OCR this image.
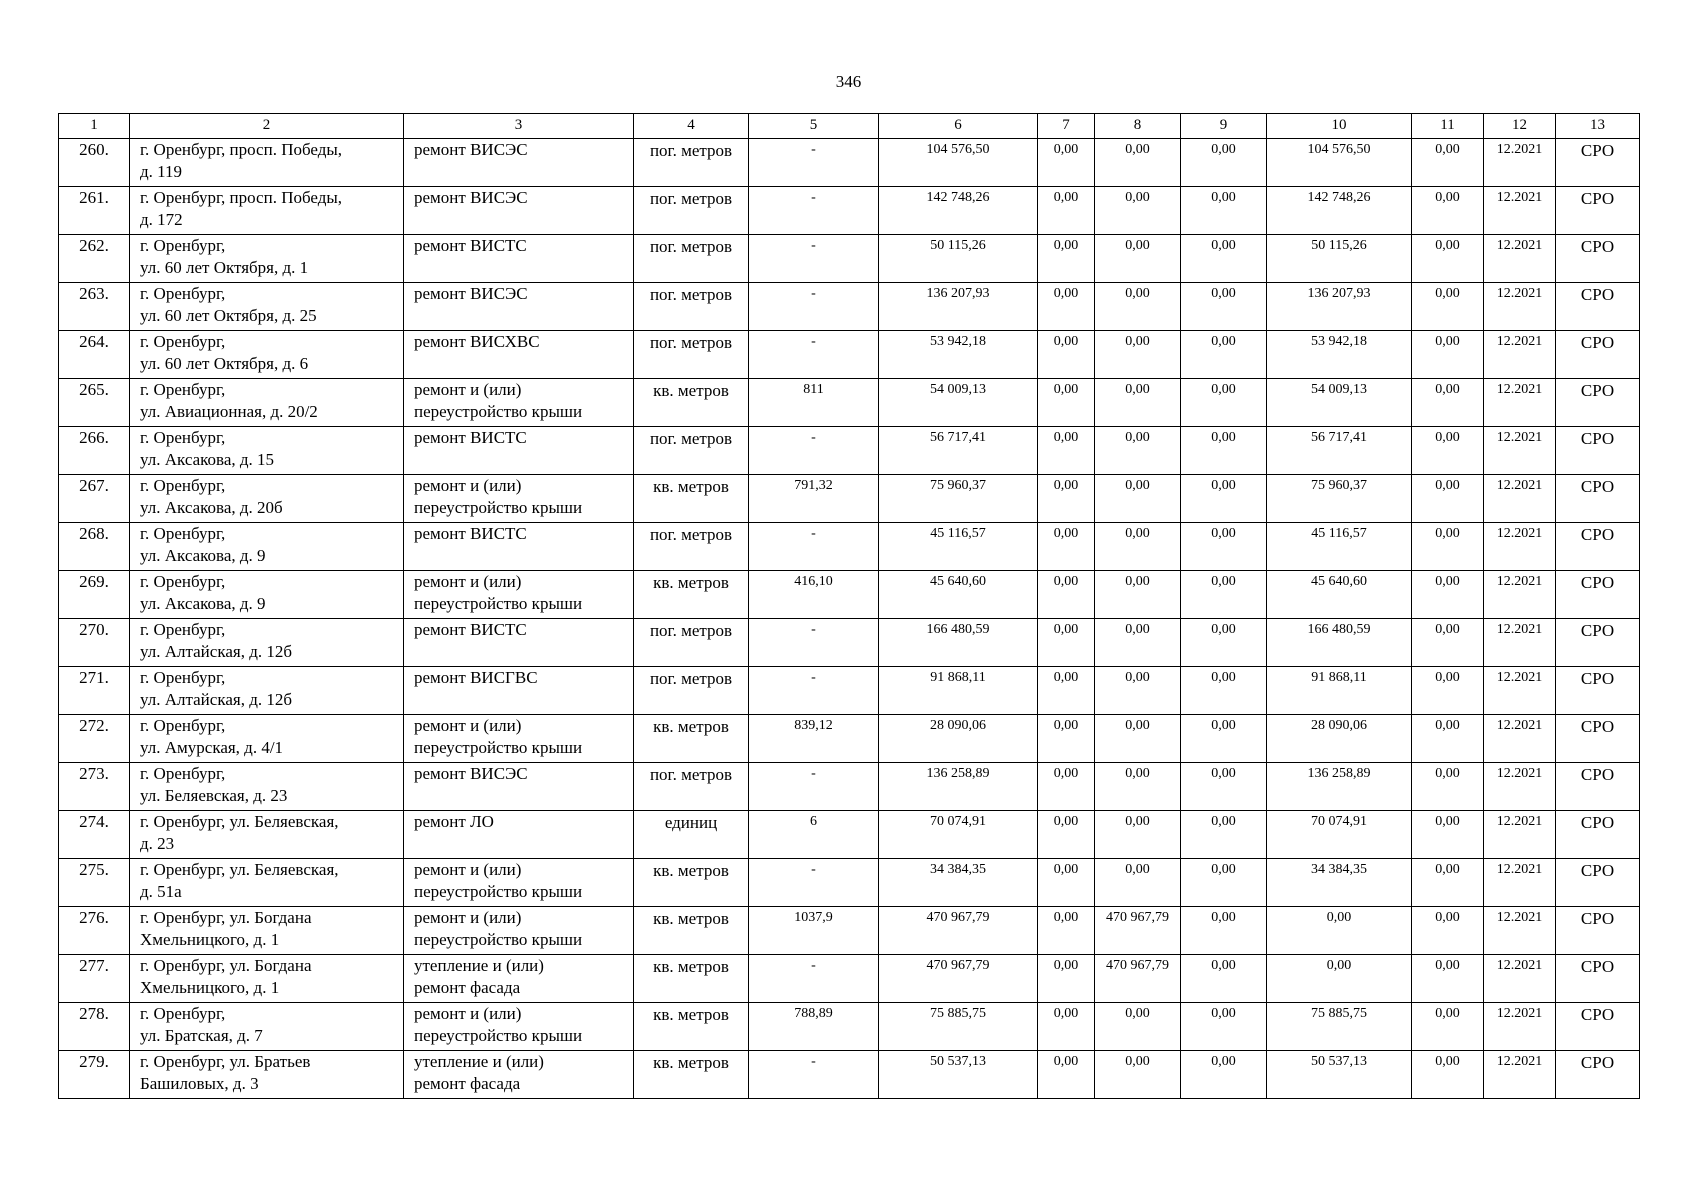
346
1	2	3	4	5	6	7	8	9	10	11	12	13

260.	г. Оренбург, просп. Победы,
д. 119	ремонт ВИСЭС	пог. метров	-	104 576,50	0,00	0,00	0,00	104 576,50	0,00	12.2021	СРО

261.	г. Оренбург, просп. Победы,
д. 172	ремонт ВИСЭС	пог. метров	-	142 748,26	0,00	0,00	0,00	142 748,26	0,00	12.2021	СРО

262.	г. Оренбург,
ул. 60 лет Октября, д. 1	ремонт ВИСТС	пог. метров	-	50 115,26	0,00	0,00	0,00	50 115,26	0,00	12.2021	СРО

263.	г. Оренбург,
ул. 60 лет Октября, д. 25	ремонт ВИСЭС	пог. метров	-	136 207,93	0,00	0,00	0,00	136 207,93	0,00	12.2021	СРО

264.	г. Оренбург,
ул. 60 лет Октября, д. 6	ремонт ВИСХВС	пог. метров	-	53 942,18	0,00	0,00	0,00	53 942,18	0,00	12.2021	СРО

265.	г. Оренбург,
ул. Авиационная, д. 20/2	ремонт и (или)
переустройство крыши	кв. метров	811	54 009,13	0,00	0,00	0,00	54 009,13	0,00	12.2021	СРО

266.	г. Оренбург,
ул. Аксакова, д. 15	ремонт ВИСТС	пог. метров	-	56 717,41	0,00	0,00	0,00	56 717,41	0,00	12.2021	СРО

267.	г. Оренбург,
ул. Аксакова, д. 20б	ремонт и (или)
переустройство крыши	кв. метров	791,32	75 960,37	0,00	0,00	0,00	75 960,37	0,00	12.2021	СРО

268.	г. Оренбург,
ул. Аксакова, д. 9	ремонт ВИСТС	пог. метров	-	45 116,57	0,00	0,00	0,00	45 116,57	0,00	12.2021	СРО

269.	г. Оренбург,
ул. Аксакова, д. 9	ремонт и (или)
переустройство крыши	кв. метров	416,10	45 640,60	0,00	0,00	0,00	45 640,60	0,00	12.2021	СРО

270.	г. Оренбург,
ул. Алтайская, д. 12б	ремонт ВИСТС	пог. метров	-	166 480,59	0,00	0,00	0,00	166 480,59	0,00	12.2021	СРО

271.	г. Оренбург,
ул. Алтайская, д. 12б	ремонт ВИСГВС	пог. метров	-	91 868,11	0,00	0,00	0,00	91 868,11	0,00	12.2021	СРО

272.	г. Оренбург,
ул. Амурская, д. 4/1	ремонт и (или)
переустройство крыши	кв. метров	839,12	28 090,06	0,00	0,00	0,00	28 090,06	0,00	12.2021	СРО

273.	г. Оренбург,
ул. Беляевская, д. 23	ремонт ВИСЭС	пог. метров	-	136 258,89	0,00	0,00	0,00	136 258,89	0,00	12.2021	СРО

274.	г. Оренбург, ул. Беляевская,
д. 23	ремонт ЛО	единиц	6	70 074,91	0,00	0,00	0,00	70 074,91	0,00	12.2021	СРО

275.	г. Оренбург, ул. Беляевская,
д. 51а	ремонт и (или)
переустройство крыши	кв. метров	-	34 384,35	0,00	0,00	0,00	34 384,35	0,00	12.2021	СРО

276.	г. Оренбург, ул. Богдана
Хмельницкого, д. 1	ремонт и (или)
переустройство крыши	кв. метров	1037,9	470 967,79	0,00	470 967,79	0,00	0,00	0,00	12.2021	СРО

277.	г. Оренбург, ул. Богдана
Хмельницкого, д. 1	утепление и (или)
ремонт фасада	кв. метров	-	470 967,79	0,00	470 967,79	0,00	0,00	0,00	12.2021	СРО

278.	г. Оренбург,
ул. Братская, д. 7	ремонт и (или)
переустройство крыши	кв. метров	788,89	75 885,75	0,00	0,00	0,00	75 885,75	0,00	12.2021	СРО

279.	г. Оренбург, ул. Братьев
Башиловых, д. 3	утепление и (или)
ремонт фасада	кв. метров	-	50 537,13	0,00	0,00	0,00	50 537,13	0,00	12.2021	СРО
